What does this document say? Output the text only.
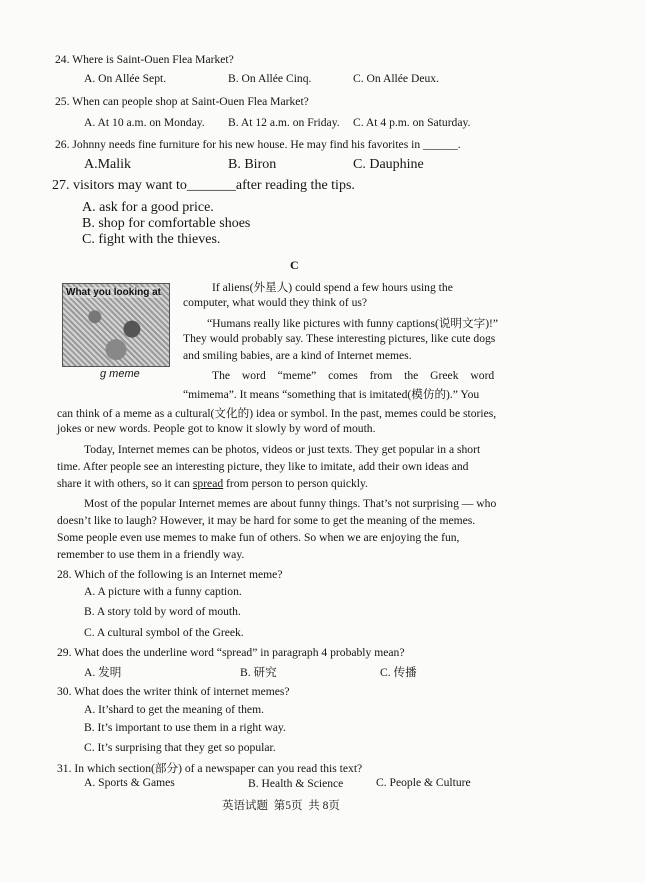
24. Where is Saint-Ouen Flea Market?
A. On Allée Sept.	B. On Allée Cinq.	C. On Allée Deux.
25. When can people shop at Saint-Ouen Flea Market?
A. At 10 a.m. on Monday. B. At 12 a.m. on Friday. C. At 4 p.m. on Saturday.
26. Johnny needs fine furniture for his new house. He may find his favorites in ______.
A.Malik	B. Biron	C. Dauphine
27. visitors may want to_______after reading the tips.
A. ask for a good price.
B. shop for comfortable shoes
C. fight with the thieves.
C
What you looking at
g meme
If aliens(外星人) could spend a few hours using the
computer, what would they think of us?
“Humans really like pictures with funny captions(说明文字)!”
They would probably say. These interesting pictures, like cute dogs
and smiling babies, are a kind of Internet memes.
The word “meme” comes from the Greek word
“mimema”. It means “something that is imitated(模仿的).” You
can think of a meme as a cultural(文化的) idea or symbol. In the past, memes could be stories,
jokes or new words. People got to know it slowly by word of mouth.
Today, Internet memes can be photos, videos or just texts. They get popular in a short
time. After people see an interesting picture, they like to imitate, add their own ideas and
share it with others, so it can spread from person to person quickly.
Most of the popular Internet memes are about funny things. That’s not surprising — who
doesn’t like to laugh? However, it may be hard for some to get the meaning of the memes.
Some people even use memes to make fun of others. So when we are enjoying the fun,
remember to use them in a friendly way.
28. Which of the following is an Internet meme?
A. A picture with a funny caption.
B. A story told by word of mouth.
C. A cultural symbol of the Greek.
29. What does the underline word “spread” in paragraph 4 probably mean?
A. 发明	B. 研究	C. 传播
30. What does the writer think of internet memes?
A. It’shard to get the meaning of them.
B. It’s important to use them in a right way.
C. It’s surprising that they get so popular.
31. In which section(部分) of a newspaper can you read this text?
A. Sports & Games	B. Health & Science	C. People & Culture
英语试题  第5页  共 8页
